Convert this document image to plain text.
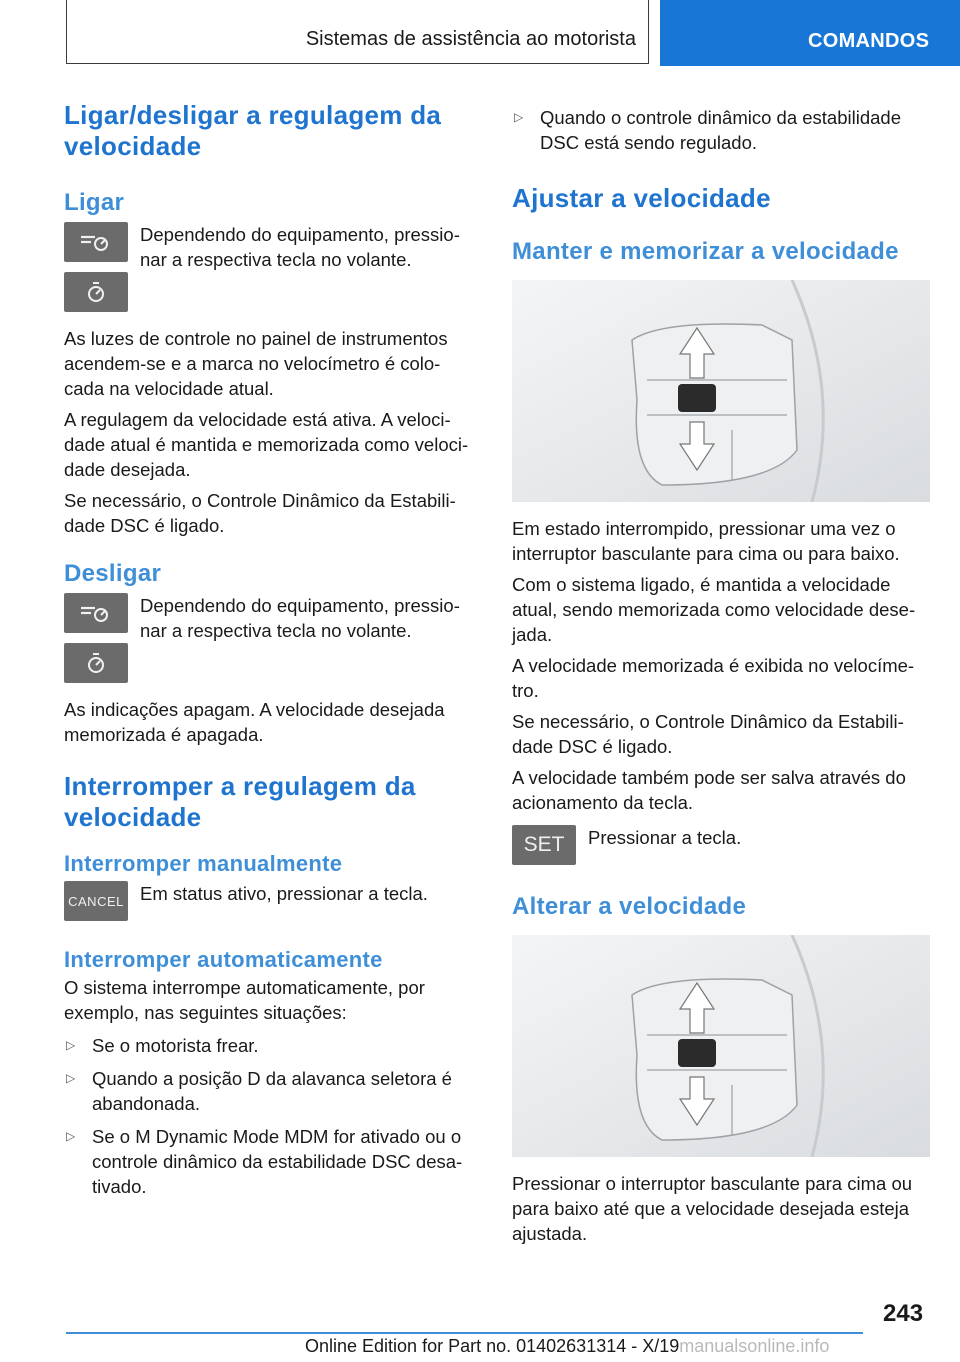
Sistemas de assistência ao motorista	COMANDOS
Ligar/desligar a regulagem da velocidade
Ligar

Dependendo do equipamento, pressio‐nar a respectiva tecla no volante.

As luzes de controle no painel de instrumentos acendem-se e a marca no velocímetro é colo‐cada na velocidade atual.

A regulagem da velocidade está ativa. A veloci‐dade atual é mantida e memorizada como veloci‐dade desejada.

Se necessário, o Controle Dinâmico da Estabili‐dade DSC é ligado.

Desligar

Dependendo do equipamento, pressio‐nar a respectiva tecla no volante.

As indicações apagam. A velocidade desejada memorizada é apagada.

Interromper a regulagem da velocidade
Interromper manualmente
CANCEL Em status ativo, pressionar a tecla.

Interromper automaticamente

O sistema interrompe automaticamente, por exemplo, nas seguintes situações:

▷ Se o motorista frear.
▷ Quando a posição D da alavanca seletora é abandonada.
▷ Se o M Dynamic Mode MDM for ativado ou o controle dinâmico da estabilidade DSC desa‐tivado.
▷ Quando o controle dinâmico da estabilidade DSC está sendo regulado.
Ajustar a velocidade
Manter e memorizar a velocidade

Em estado interrompido, pressionar uma vez o interruptor basculante para cima ou para baixo.

Com o sistema ligado, é mantida a velocidade atual, sendo memorizada como velocidade dese‐jada.

A velocidade memorizada é exibida no velocíme‐tro.

Se necessário, o Controle Dinâmico da Estabili‐dade DSC é ligado.

A velocidade também pode ser salva através do acionamento da tecla.

SET Pressionar a tecla.

Alterar a velocidade

Pressionar o interruptor basculante para cima ou para baixo até que a velocidade desejada esteja ajustada.

243
Online Edition for Part no. 01402631314 - X/19manualsonline.info
